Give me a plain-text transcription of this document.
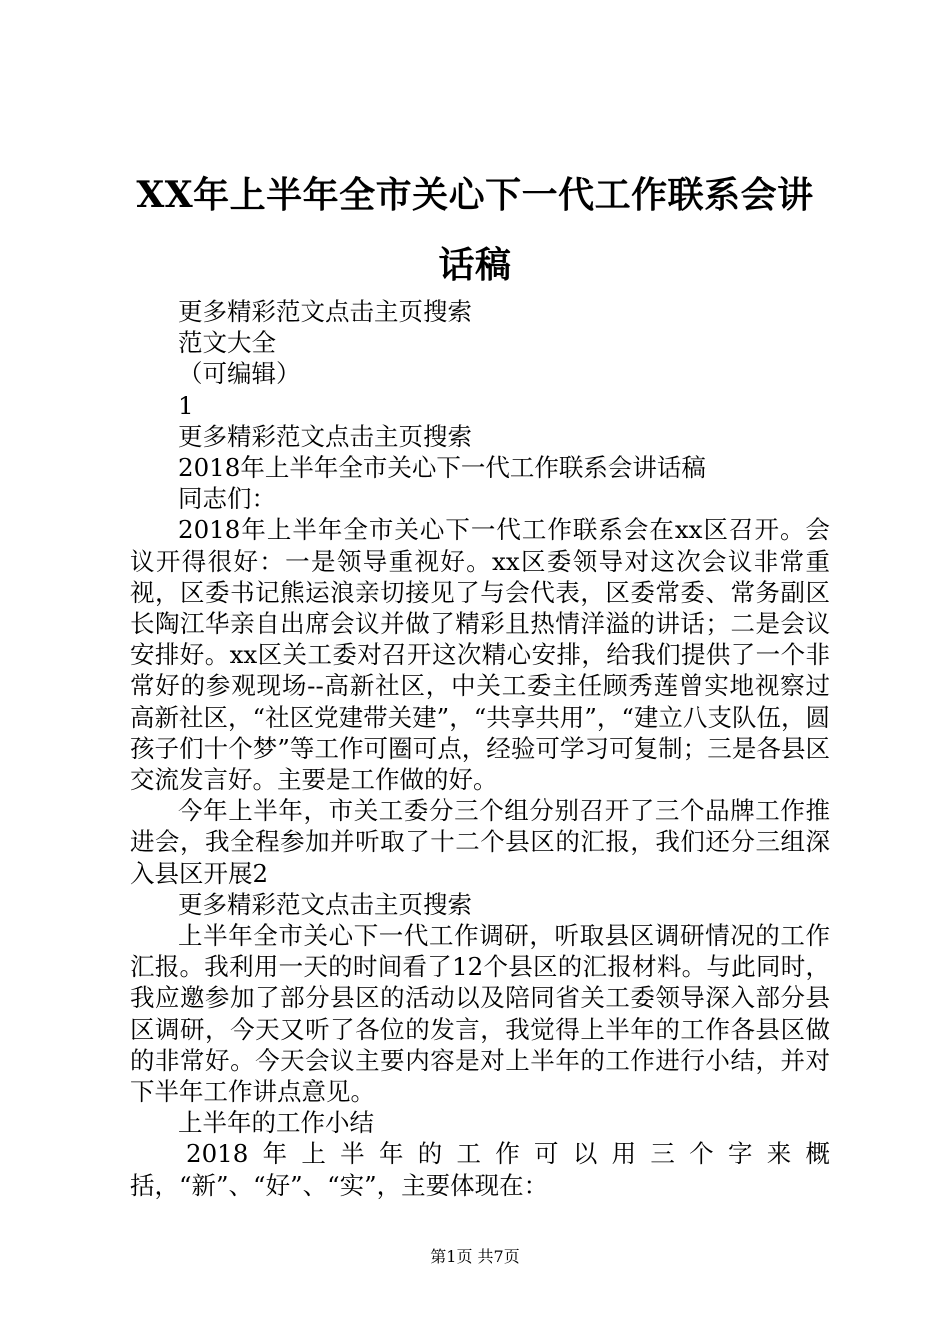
XX年上半年全市关心下一代工作联系会讲话稿
更多精彩范文点击主页搜索
范文大全
（可编辑）
1
更多精彩范文点击主页搜索
2018年上半年全市关心下一代工作联系会讲话稿
同志们：

2018年上半年全市关心下一代工作联系会在xx区召开。会议开得很好：一是领导重视好。xx区委领导对这次会议非常重视，区委书记熊运浪亲切接见了与会代表，区委常委、常务副区长陶江华亲自出席会议并做了精彩且热情洋溢的讲话；二是会议安排好。xx区关工委对召开这次精心安排，给我们提供了一个非常好的参观现场--高新社区，中关工委主任顾秀莲曾实地视察过高新社区，“社区党建带关建”，“共享共用”，“建立八支队伍，圆孩子们十个梦”等工作可圈可点，经验可学习可复制；三是各县区交流发言好。主要是工作做的好。

今年上半年，市关工委分三个组分别召开了三个品牌工作推进会，我全程参加并听取了十二个县区的汇报，我们还分三组深入县区开展2

更多精彩范文点击主页搜索

上半年全市关心下一代工作调研，听取县区调研情况的工作汇报。我利用一天的时间看了12个县区的汇报材料。与此同时，我应邀参加了部分县区的活动以及陪同省关工委领导深入部分县区调研，今天又听了各位的发言，我觉得上半年的工作各县区做的非常好。今天会议主要内容是对上半年的工作进行小结，并对下半年工作讲点意见。

上半年的工作小结

2018年上半年的工作可以用三个字来概括，“新”、“好”、“实”，主要体现在：

第1页 共7页
